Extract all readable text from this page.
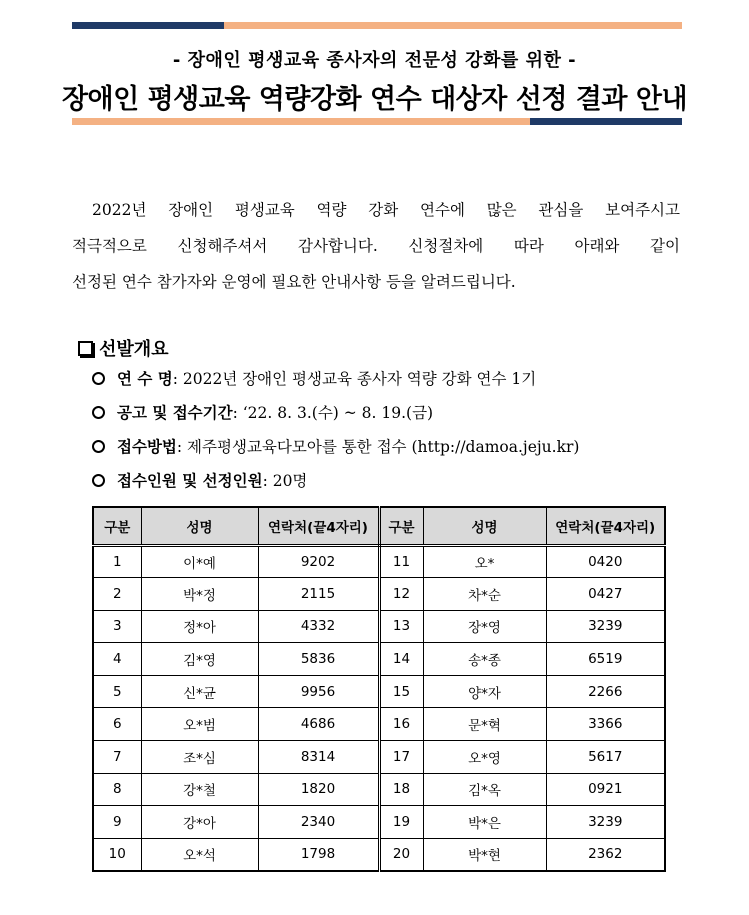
- 장애인 평생교육 종사자의 전문성 강화를 위한 -
장애인 평생교육 역량강화 연수 대상자 선정 결과 안내
2022년 장애인 평생교육 역량 강화 연수에 많은 관심을 보여주시고
적극적으로 신청해주셔서 감사합니다. 신청절차에 따라 아래와 같이
선정된 연수 참가자와 운영에 필요한 안내사항 등을 알려드립니다.
선발개요
연 수 명: 2022년 장애인 평생교육 종사자 역량 강화 연수 1기
공고 및 접수기간: ‘22. 8. 3.(수) ~ 8. 19.(금)
접수방법: 제주평생교육다모아를 통한 접수 (http://damoa.jeju.kr)
접수인원 및 선정인원: 20명
구분	성명	연락처(끝4자리)	구분	성명	연락처(끝4자리)
1	이*예	9202	11	오*	0420
2	박*정	2115	12	차*순	0427
3	정*아	4332	13	장*영	3239
4	김*영	5836	14	송*종	6519
5	신*균	9956	15	양*자	2266
6	오*범	4686	16	문*혁	3366
7	조*심	8314	17	오*영	5617
8	강*철	1820	18	김*옥	0921
9	강*아	2340	19	박*은	3239
10	오*석	1798	20	박*현	2362
